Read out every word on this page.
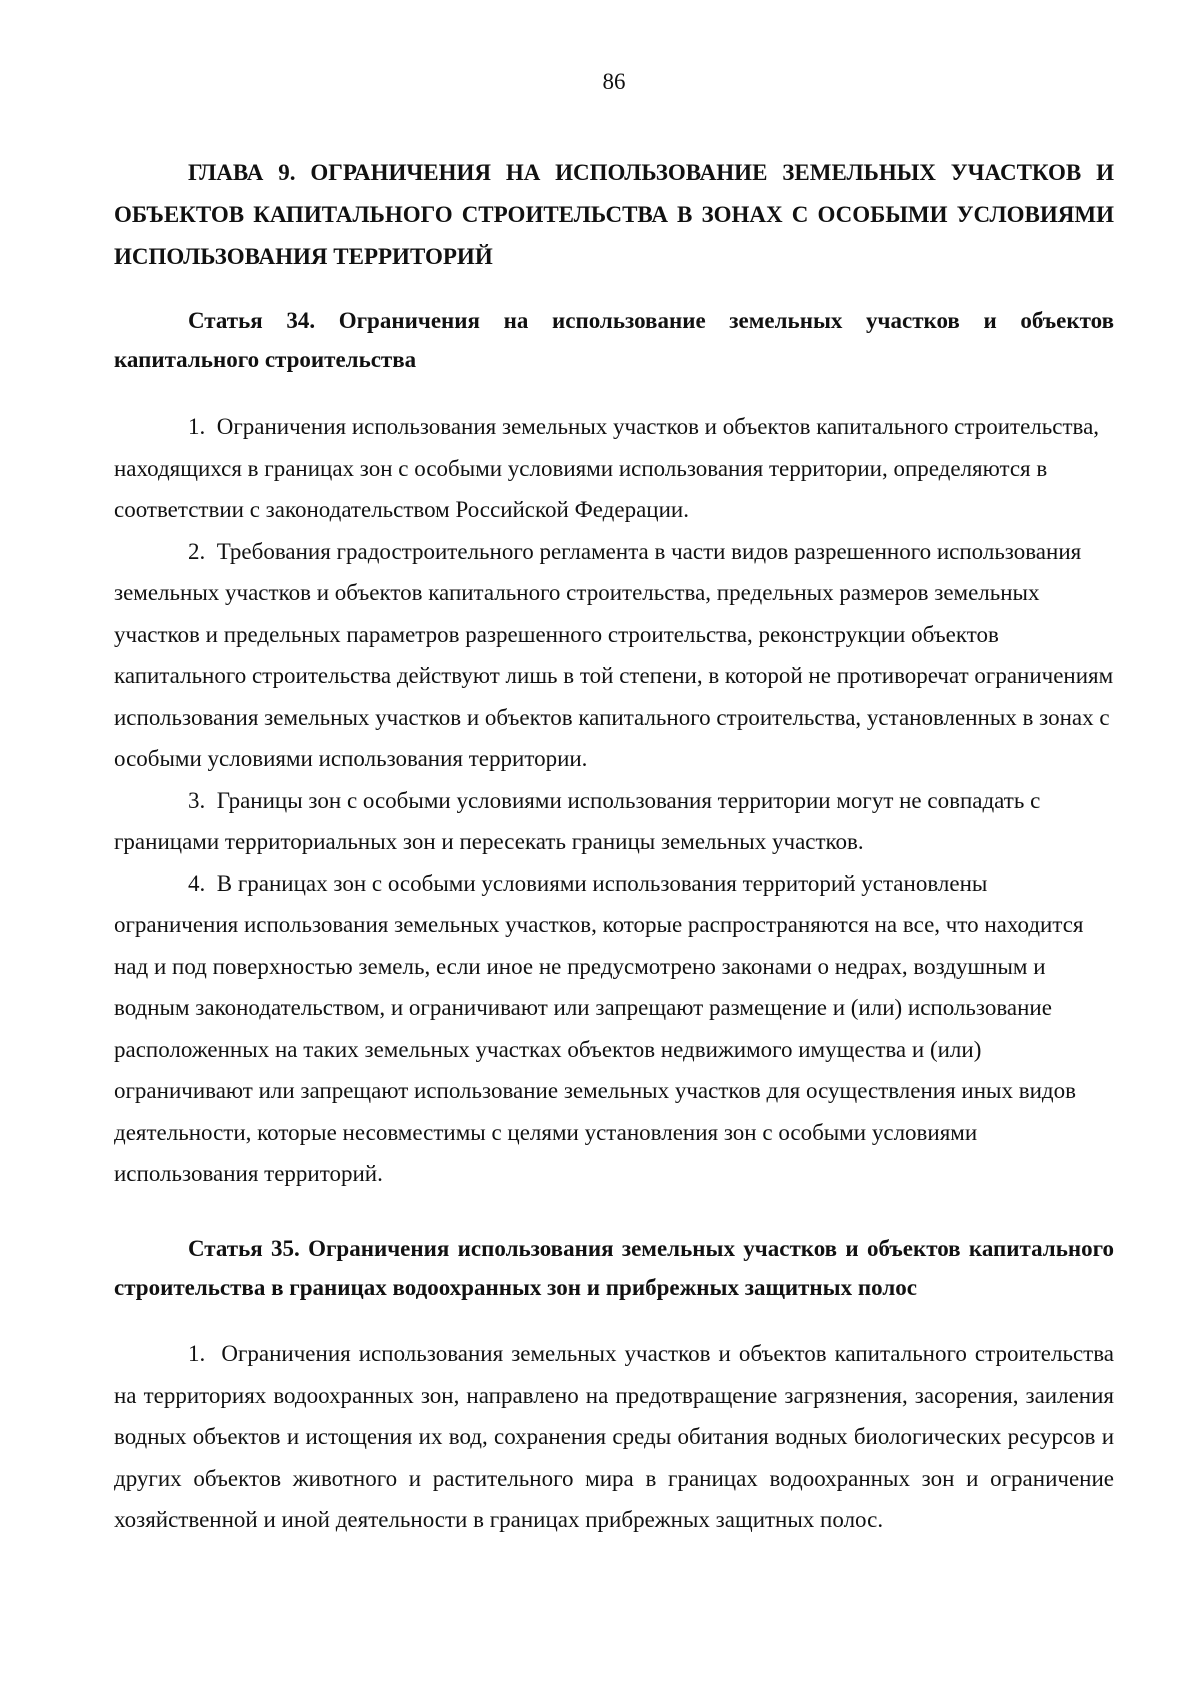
86
ГЛАВА 9. ОГРАНИЧЕНИЯ НА ИСПОЛЬЗОВАНИЕ ЗЕМЕЛЬНЫХ УЧАСТКОВ И ОБЪЕКТОВ КАПИТАЛЬНОГО СТРОИТЕЛЬСТВА В ЗОНАХ С ОСОБЫМИ УСЛОВИЯМИ ИСПОЛЬЗОВАНИЯ ТЕРРИТОРИЙ
Статья 34. Ограничения на использование земельных участков и объектов капитального строительства

1. Ограничения использования земельных участков и объектов капитального строительства, находящихся в границах зон с особыми условиями использования территории, определяются в соответствии с законодательством Российской Федерации.

2. Требования градостроительного регламента в части видов разрешенного использования земельных участков и объектов капитального строительства, предельных размеров земельных участков и предельных параметров разрешенного строительства, реконструкции объектов капитального строительства действуют лишь в той степени, в которой не противоречат ограничениям использования земельных участков и объектов капитального строительства, установленных в зонах с особыми условиями использования территории.

3. Границы зон с особыми условиями использования территории могут не совпадать с границами территориальных зон и пересекать границы земельных участков.

4. В границах зон с особыми условиями использования территорий установлены ограничения использования земельных участков, которые распространяются на все, что находится над и под поверхностью земель, если иное не предусмотрено законами о недрах, воздушным и водным законодательством, и ограничивают или запрещают размещение и (или) использование расположенных на таких земельных участках объектов недвижимого имущества и (или) ограничивают или запрещают использование земельных участков для осуществления иных видов деятельности, которые несовместимы с целями установления зон с особыми условиями использования территорий.

Статья 35. Ограничения использования земельных участков и объектов капитального строительства в границах водоохранных зон и прибрежных защитных полос

1. Ограничения использования земельных участков и объектов капитального строительства на территориях водоохранных зон, направлено на предотвращение загрязнения, засорения, заиления водных объектов и истощения их вод, сохранения среды обитания водных биологических ресурсов и других объектов животного и растительного мира в границах водоохранных зон и ограничение хозяйственной и иной деятельности в границах прибрежных защитных полос.
